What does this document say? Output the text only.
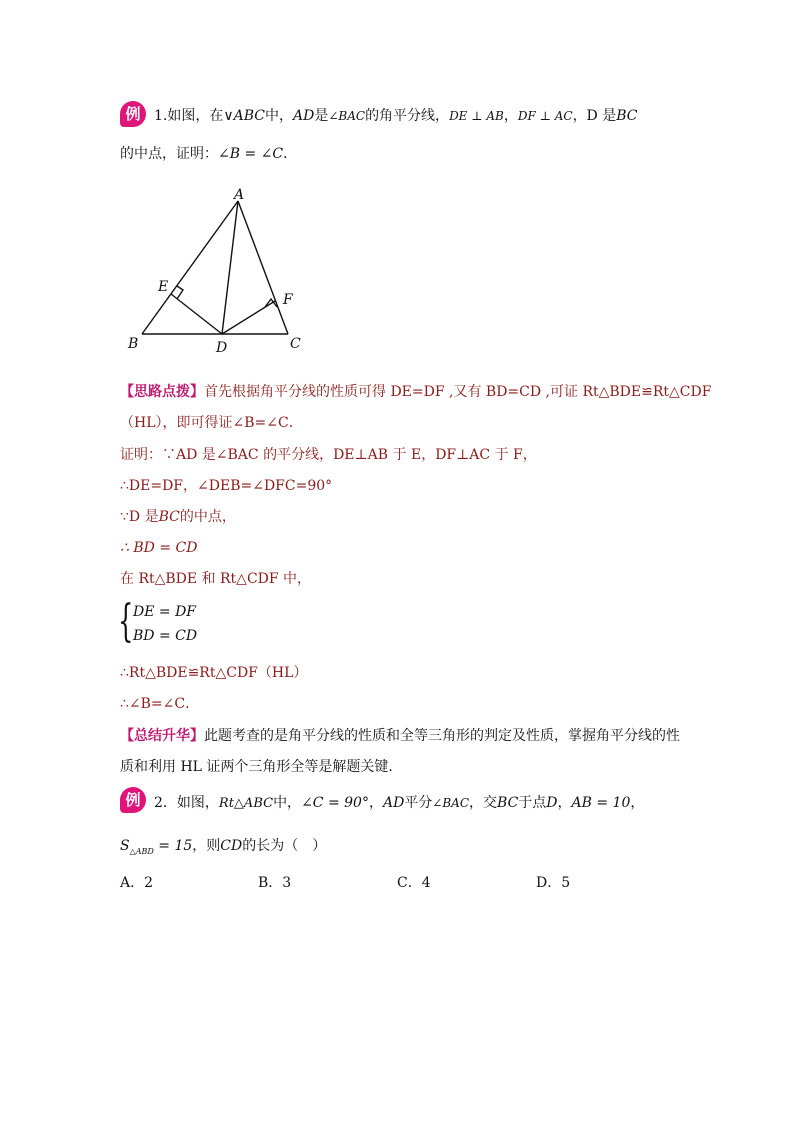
例 1.如图，在∨ABC中，AD是∠BAC的角平分线，DE ⊥ AB，DF ⊥ AC，D 是BC
的中点，证明：∠B = ∠C．
A
B	C
D
E
F
【思路点拨】首先根据角平分线的性质可得 DE=DF ,又有 BD=CD ,可证 Rt△BDE≌Rt△CDF
（HL），即可得证∠B=∠C．
证明：∵AD 是∠BAC 的平分线，DE⊥AB 于 E，DF⊥AC 于 F，
∴DE=DF，∠DEB=∠DFC=90°
∵D 是BC的中点，
∴ BD = CD
在 Rt△BDE 和 Rt△CDF 中，
{ DE = DF
BD = CD
∴Rt△BDE≌Rt△CDF（HL）
∴∠B=∠C．
【总结升华】此题考查的是角平分线的性质和全等三角形的判定及性质，掌握角平分线的性
质和利用 HL 证两个三角形全等是解题关键．
例 2．如图，Rt△ABC中，∠C = 90°，AD平分∠BAC，交BC于点D，AB = 10，
$S_{\triangle ABD} = 15$，则CD的长为（　）
A．2	B．3	C．4	D．5
